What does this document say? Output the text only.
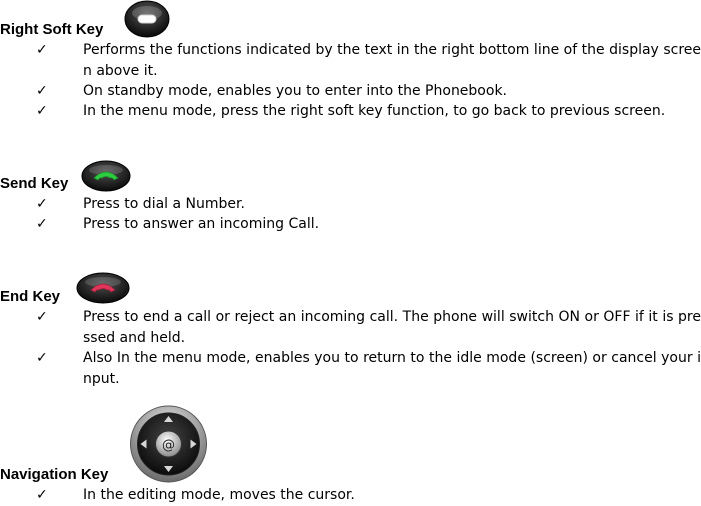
Right Soft Key
✓	Performs the functions indicated by the text in the right bottom line of the display screen above it.
✓	On standby mode, enables you to enter into the Phonebook.
✓	In the menu mode, press the right soft key function, to go back to previous screen.
Send Key
✓	Press to dial a Number.
✓	Press to answer an incoming Call.
End Key
✓	Press to end a call or reject an incoming call. The phone will switch ON or OFF if it is pressed and held.
✓	Also In the menu mode, enables you to return to the idle mode (screen) or cancel your input.
Navigation Key
@
✓	In the editing mode, moves the cursor.
